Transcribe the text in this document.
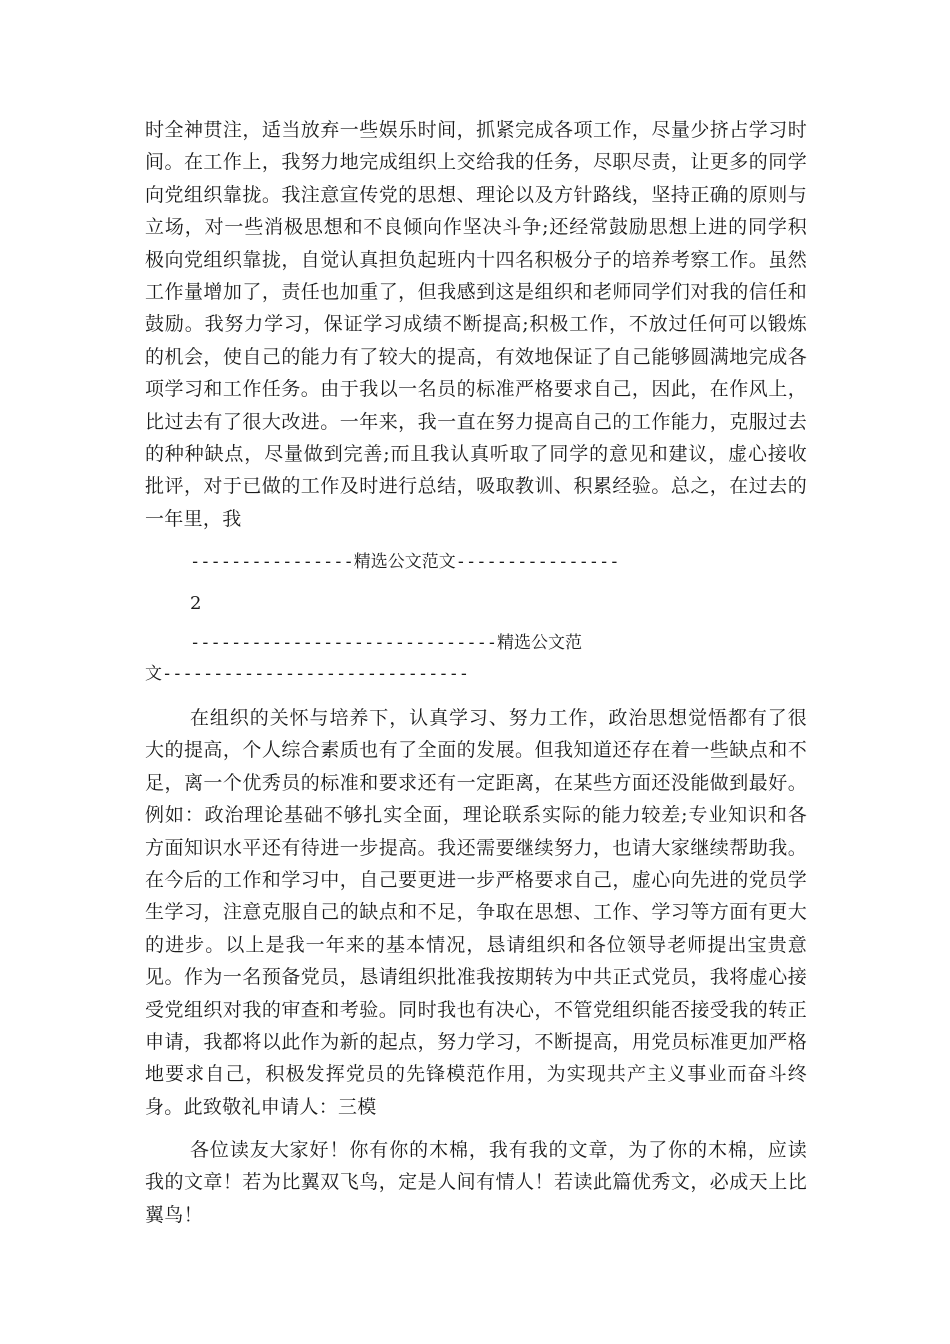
时全神贯注，适当放弃一些娱乐时间，抓紧完成各项工作，尽量少挤占学习时间。在工作上，我努力地完成组织上交给我的任务，尽职尽责，让更多的同学向党组织靠拢。我注意宣传党的思想、理论以及方针路线，坚持正确的原则与立场，对一些消极思想和不良倾向作坚决斗争;还经常鼓励思想上进的同学积极向党组织靠拢，自觉认真担负起班内十四名积极分子的培养考察工作。虽然工作量增加了，责任也加重了，但我感到这是组织和老师同学们对我的信任和鼓励。我努力学习，保证学习成绩不断提高;积极工作，不放过任何可以锻炼的机会，使自己的能力有了较大的提高，有效地保证了自己能够圆满地完成各项学习和工作任务。由于我以一名员的标准严格要求自己，因此，在作风上，比过去有了很大改进。一年来，我一直在努力提高自己的工作能力，克服过去的种种缺点，尽量做到完善;而且我认真听取了同学的意见和建议，虚心接收批评，对于已做的工作及时进行总结，吸取教训、积累经验。总之，在过去的一年里，我

----------------精选公文范文----------------

2

------------------------------精选公文范

文------------------------------

在组织的关怀与培养下，认真学习、努力工作，政治思想觉悟都有了很大的提高，个人综合素质也有了全面的发展。但我知道还存在着一些缺点和不足，离一个优秀员的标准和要求还有一定距离，在某些方面还没能做到最好。例如：政治理论基础不够扎实全面，理论联系实际的能力较差;专业知识和各方面知识水平还有待进一步提高。我还需要继续努力，也请大家继续帮助我。在今后的工作和学习中，自己要更进一步严格要求自己，虚心向先进的党员学生学习，注意克服自己的缺点和不足，争取在思想、工作、学习等方面有更大的进步。以上是我一年来的基本情况，恳请组织和各位领导老师提出宝贵意见。作为一名预备党员，恳请组织批准我按期转为中共正式党员，我将虚心接受党组织对我的审查和考验。同时我也有决心，不管党组织能否接受我的转正申请，我都将以此作为新的起点，努力学习，不断提高，用党员标准更加严格地要求自己，积极发挥党员的先锋模范作用，为实现共产主义事业而奋斗终身。此致敬礼申请人：三模

各位读友大家好！你有你的木棉，我有我的文章，为了你的木棉，应读我的文章！若为比翼双飞鸟，定是人间有情人！若读此篇优秀文，必成天上比翼鸟！
